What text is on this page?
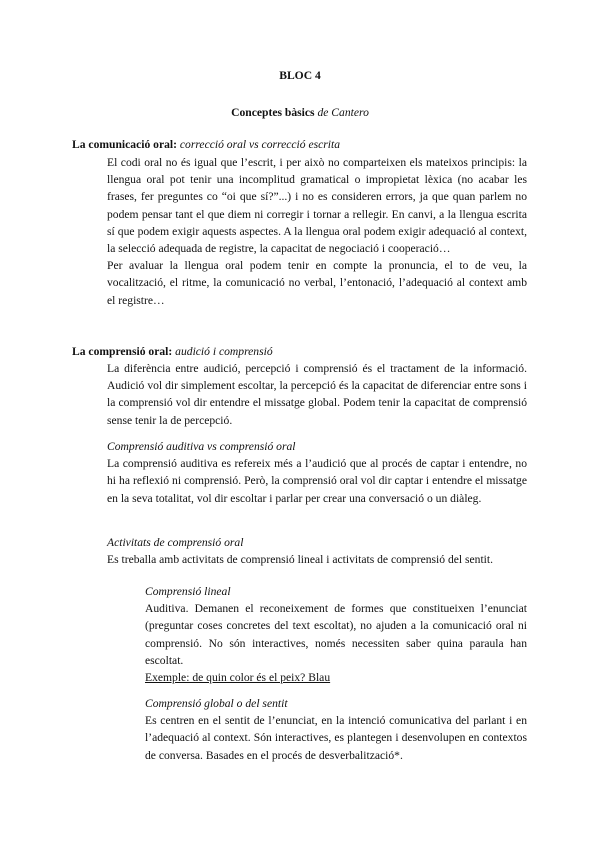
BLOC 4
Conceptes bàsics de Cantero
La comunicació oral: correcció oral vs correcció escrita

El codi oral no és igual que l’escrit, i per això no comparteixen els mateixos principis: la llengua oral pot tenir una incomplitud gramatical o impropietat lèxica (no acabar les frases, fer preguntes co “oi que sí?”...) i no es consideren errors, ja que quan parlem no podem pensar tant el que diem ni corregir i tornar a rellegir. En canvi, a la llengua escrita sí que podem exigir aquests aspectes. A la llengua oral podem exigir adequació al context, la selecció adequada de registre, la capacitat de negociació i cooperació…

Per avaluar la llengua oral podem tenir en compte la pronuncia, el to de veu, la vocalització, el ritme, la comunicació no verbal, l’entonació, l’adequació al context amb el registre…

La comprensió oral: audició i comprensió

La diferència entre audició, percepció i comprensió és el tractament de la informació. Audició vol dir simplement escoltar, la percepció és la capacitat de diferenciar entre sons i la comprensió vol dir entendre el missatge global. Podem tenir la capacitat de comprensió sense tenir la de percepció.

Comprensió auditiva vs comprensió oral

La comprensió auditiva es refereix més a l’audició que al procés de captar i entendre, no hi ha reflexió ni comprensió. Però, la comprensió oral vol dir captar i entendre el missatge en la seva totalitat, vol dir escoltar i parlar per crear una conversació o un diàleg.

Activitats de comprensió oral

Es treballa amb activitats de comprensió lineal i activitats de comprensió del sentit.

Comprensió lineal

Auditiva. Demanen el reconeixement de formes que constitueixen l’enunciat (preguntar coses concretes del text escoltat), no ajuden a la comunicació oral ni comprensió. No són interactives, només necessiten saber quina paraula han escoltat.

Exemple: de quin color és el peix? Blau

Comprensió global o del sentit

Es centren en el sentit de l’enunciat, en la intenció comunicativa del parlant i en l’adequació al context. Són interactives, es plantegen i desenvolupen en contextos de conversa. Basades en el procés de desverbalització*.
